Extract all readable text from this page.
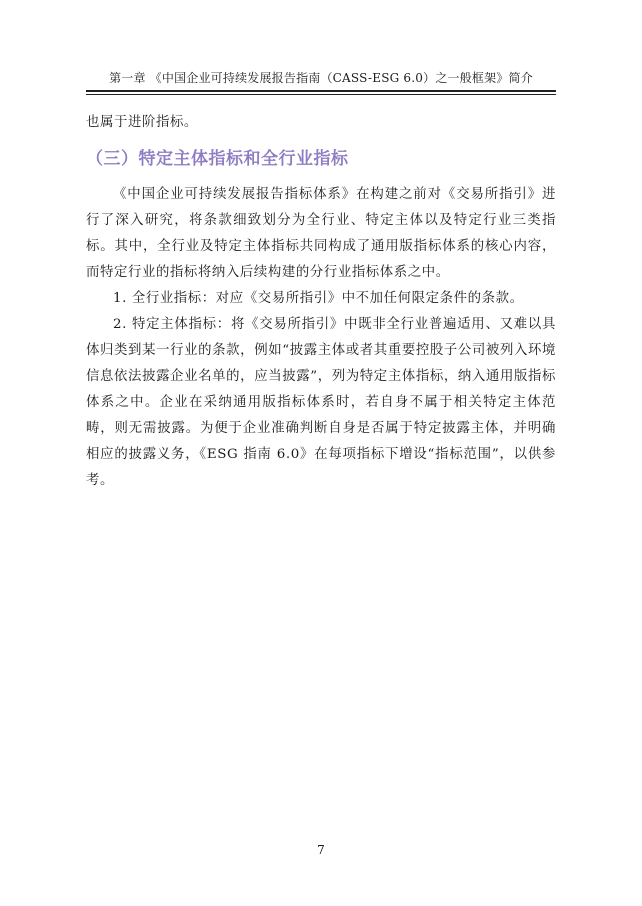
第一章 《中国企业可持续发展报告指南（CASS-ESG 6.0）之一般框架》简介

也属于进阶指标。

（三）特定主体指标和全行业指标

《中国企业可持续发展报告指标体系》在构建之前对《交易所指引》进行了深入研究，将条款细致划分为全行业、特定主体以及特定行业三类指标。其中，全行业及特定主体指标共同构成了通用版指标体系的核心内容，而特定行业的指标将纳入后续构建的分行业指标体系之中。

1. 全行业指标：对应《交易所指引》中不加任何限定条件的条款。

2. 特定主体指标：将《交易所指引》中既非全行业普遍适用、又难以具体归类到某一行业的条款，例如“披露主体或者其重要控股子公司被列入环境信息依法披露企业名单的，应当披露”，列为特定主体指标，纳入通用版指标体系之中。企业在采纳通用版指标体系时，若自身不属于相关特定主体范畴，则无需披露。为便于企业准确判断自身是否属于特定披露主体，并明确相应的披露义务，《ESG 指南 6.0》在每项指标下增设“指标范围”，以供参考。

7
